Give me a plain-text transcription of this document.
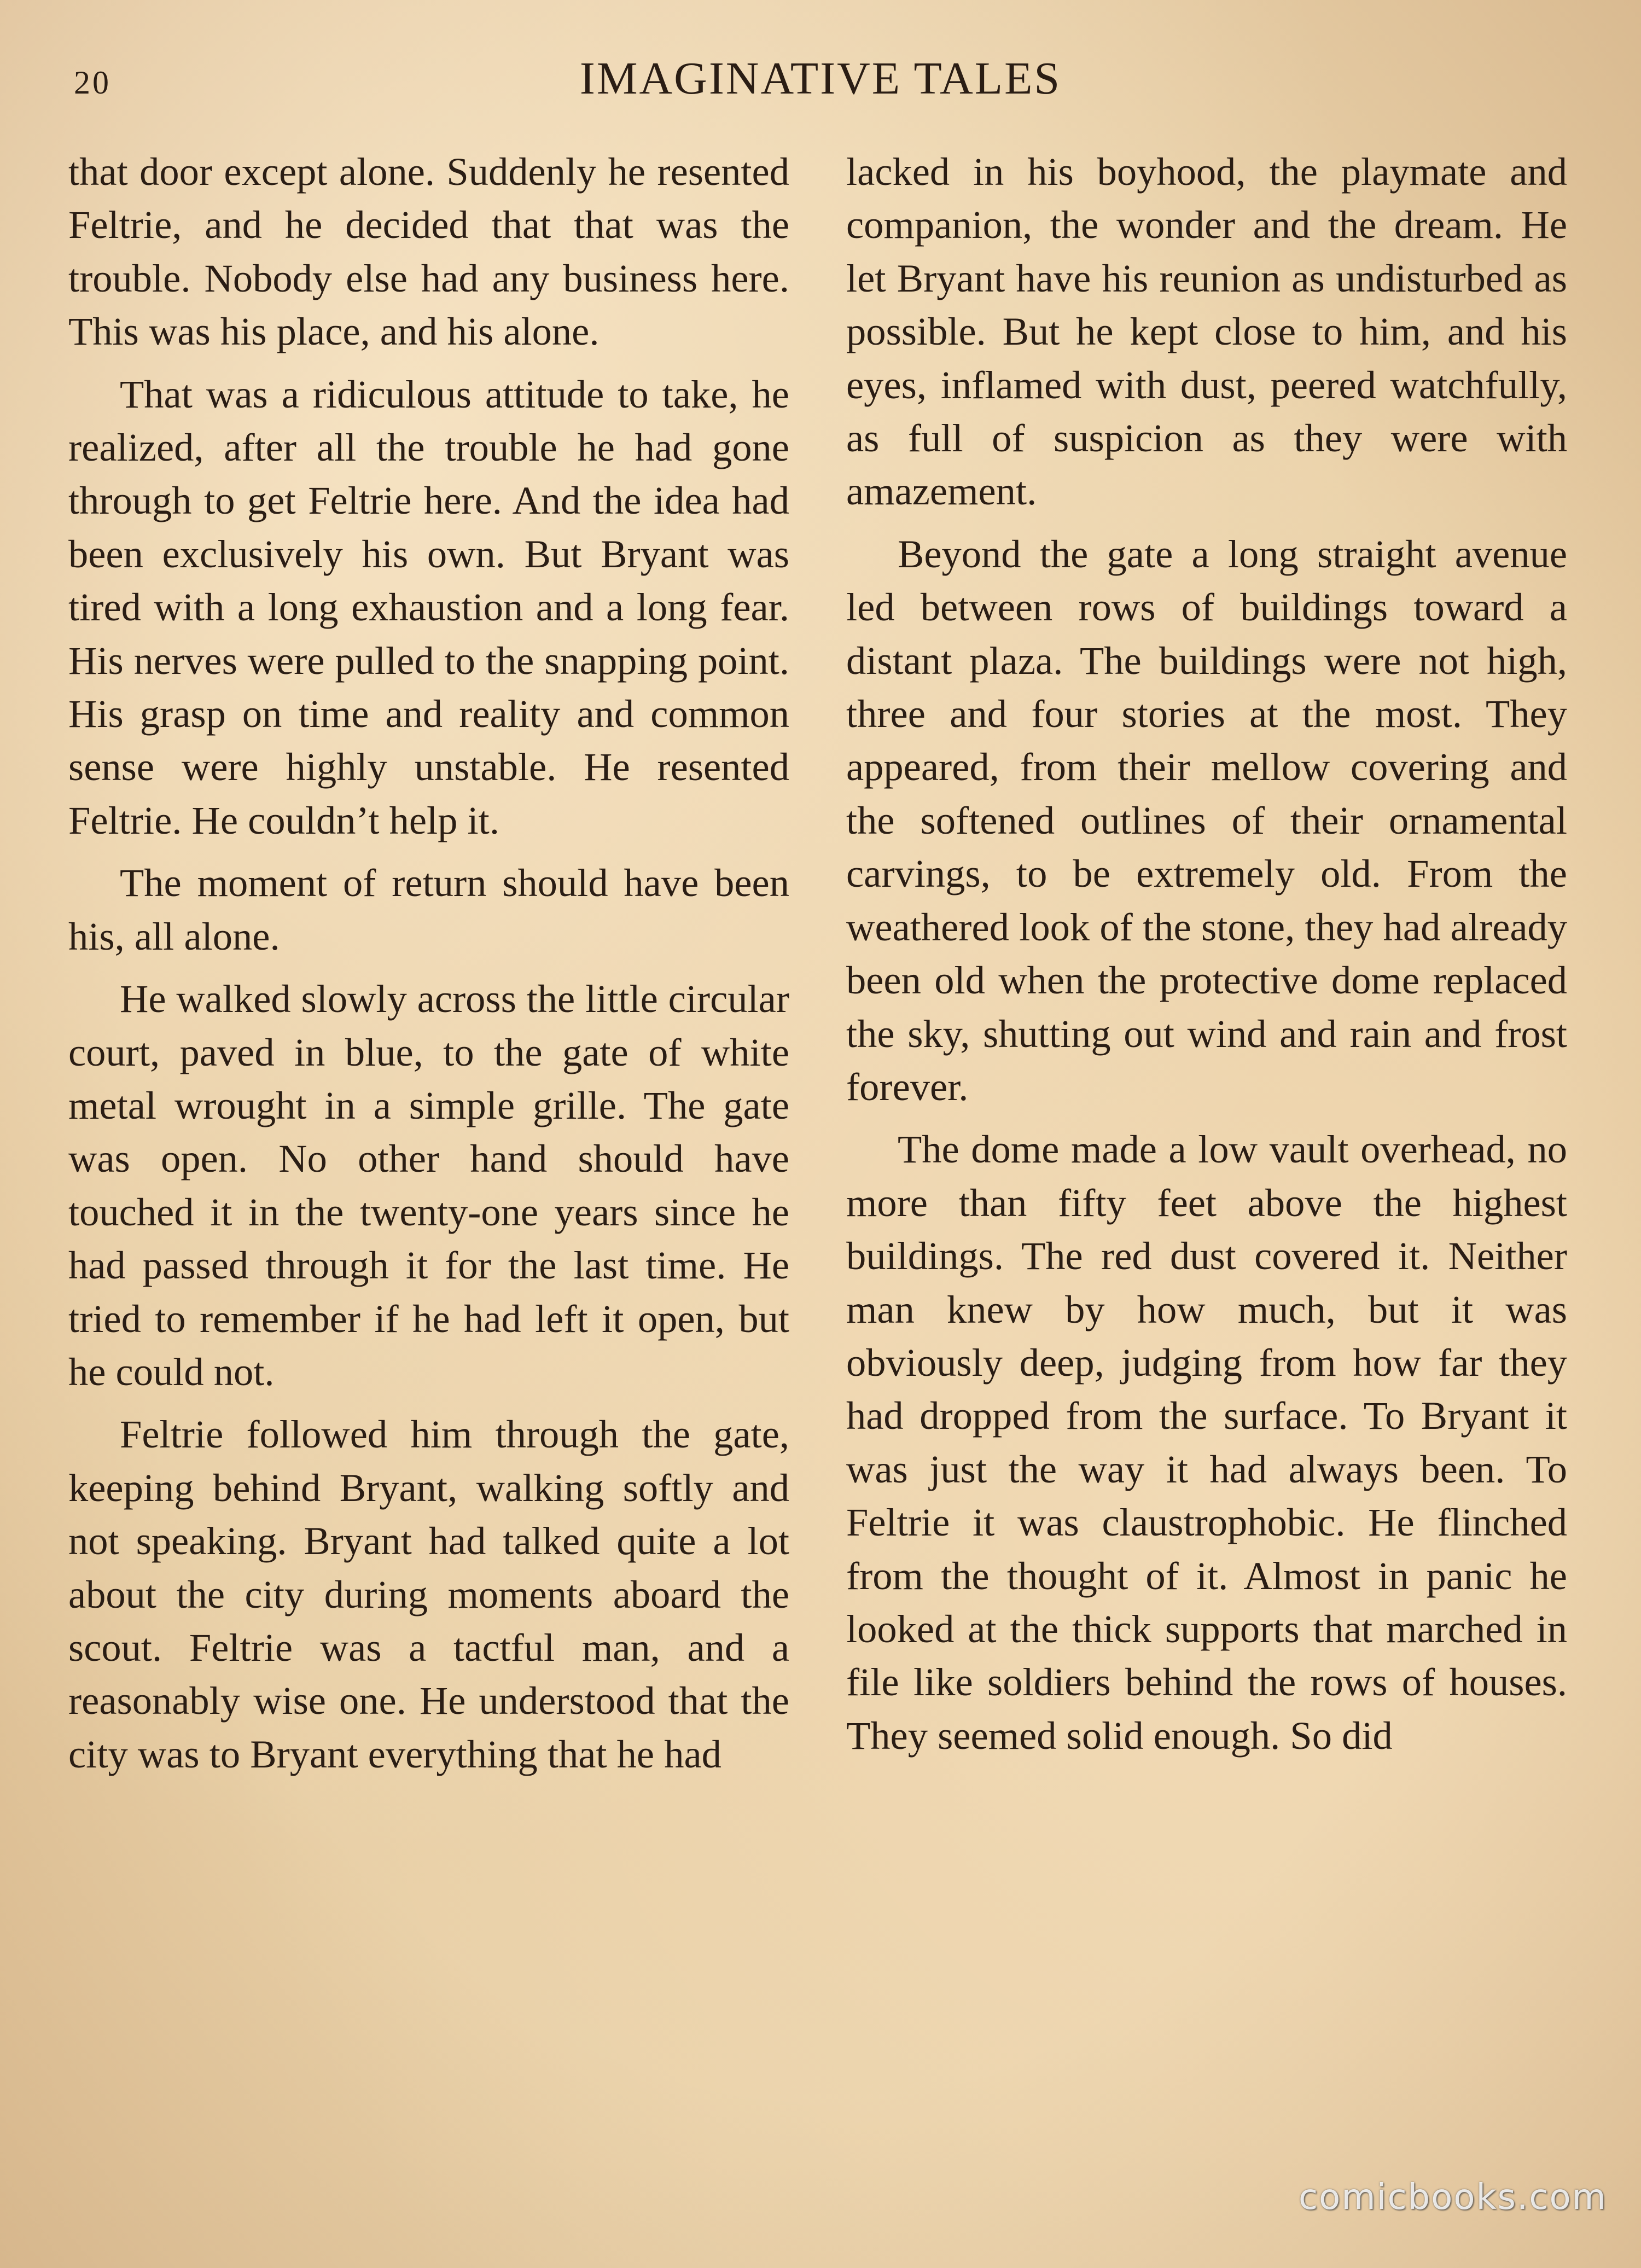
20	IMAGINATIVE TALES

that door except alone. Suddenly he resented Feltrie, and he decided that that was the trouble. Nobody else had any business here. This was his place, and his alone.

That was a ridiculous attitude to take, he realized, after all the trouble he had gone through to get Feltrie here. And the idea had been exclusively his own. But Bryant was tired with a long exhaustion and a long fear. His nerves were pulled to the snapping point. His grasp on time and reality and common sense were highly unstable. He resented Feltrie. He couldn’t help it.

The moment of return should have been his, all alone.

He walked slowly across the little circular court, paved in blue, to the gate of white metal wrought in a simple grille. The gate was open. No other hand should have touched it in the twenty-one years since he had passed through it for the last time. He tried to remember if he had left it open, but he could not.

Feltrie followed him through the gate, keeping behind Bryant, walking softly and not speaking. Bryant had talked quite a lot about the city during moments aboard the scout. Feltrie was a tactful man, and a reasonably wise one. He understood that the city was to Bryant everything that he had

lacked in his boyhood, the playmate and companion, the wonder and the dream. He let Bryant have his reunion as undisturbed as possible. But he kept close to him, and his eyes, inflamed with dust, peered watchfully, as full of suspicion as they were with amazement.

Beyond the gate a long straight avenue led between rows of buildings toward a distant plaza. The buildings were not high, three and four stories at the most. They appeared, from their mellow covering and the softened outlines of their ornamental carvings, to be extremely old. From the weathered look of the stone, they had already been old when the protective dome replaced the sky, shutting out wind and rain and frost forever.

The dome made a low vault overhead, no more than fifty feet above the highest buildings. The red dust covered it. Neither man knew by how much, but it was obviously deep, judging from how far they had dropped from the surface. To Bryant it was just the way it had always been. To Feltrie it was claustrophobic. He flinched from the thought of it. Almost in panic he looked at the thick supports that marched in file like soldiers behind the rows of houses. They seemed solid enough. So did

comicbooks.com
